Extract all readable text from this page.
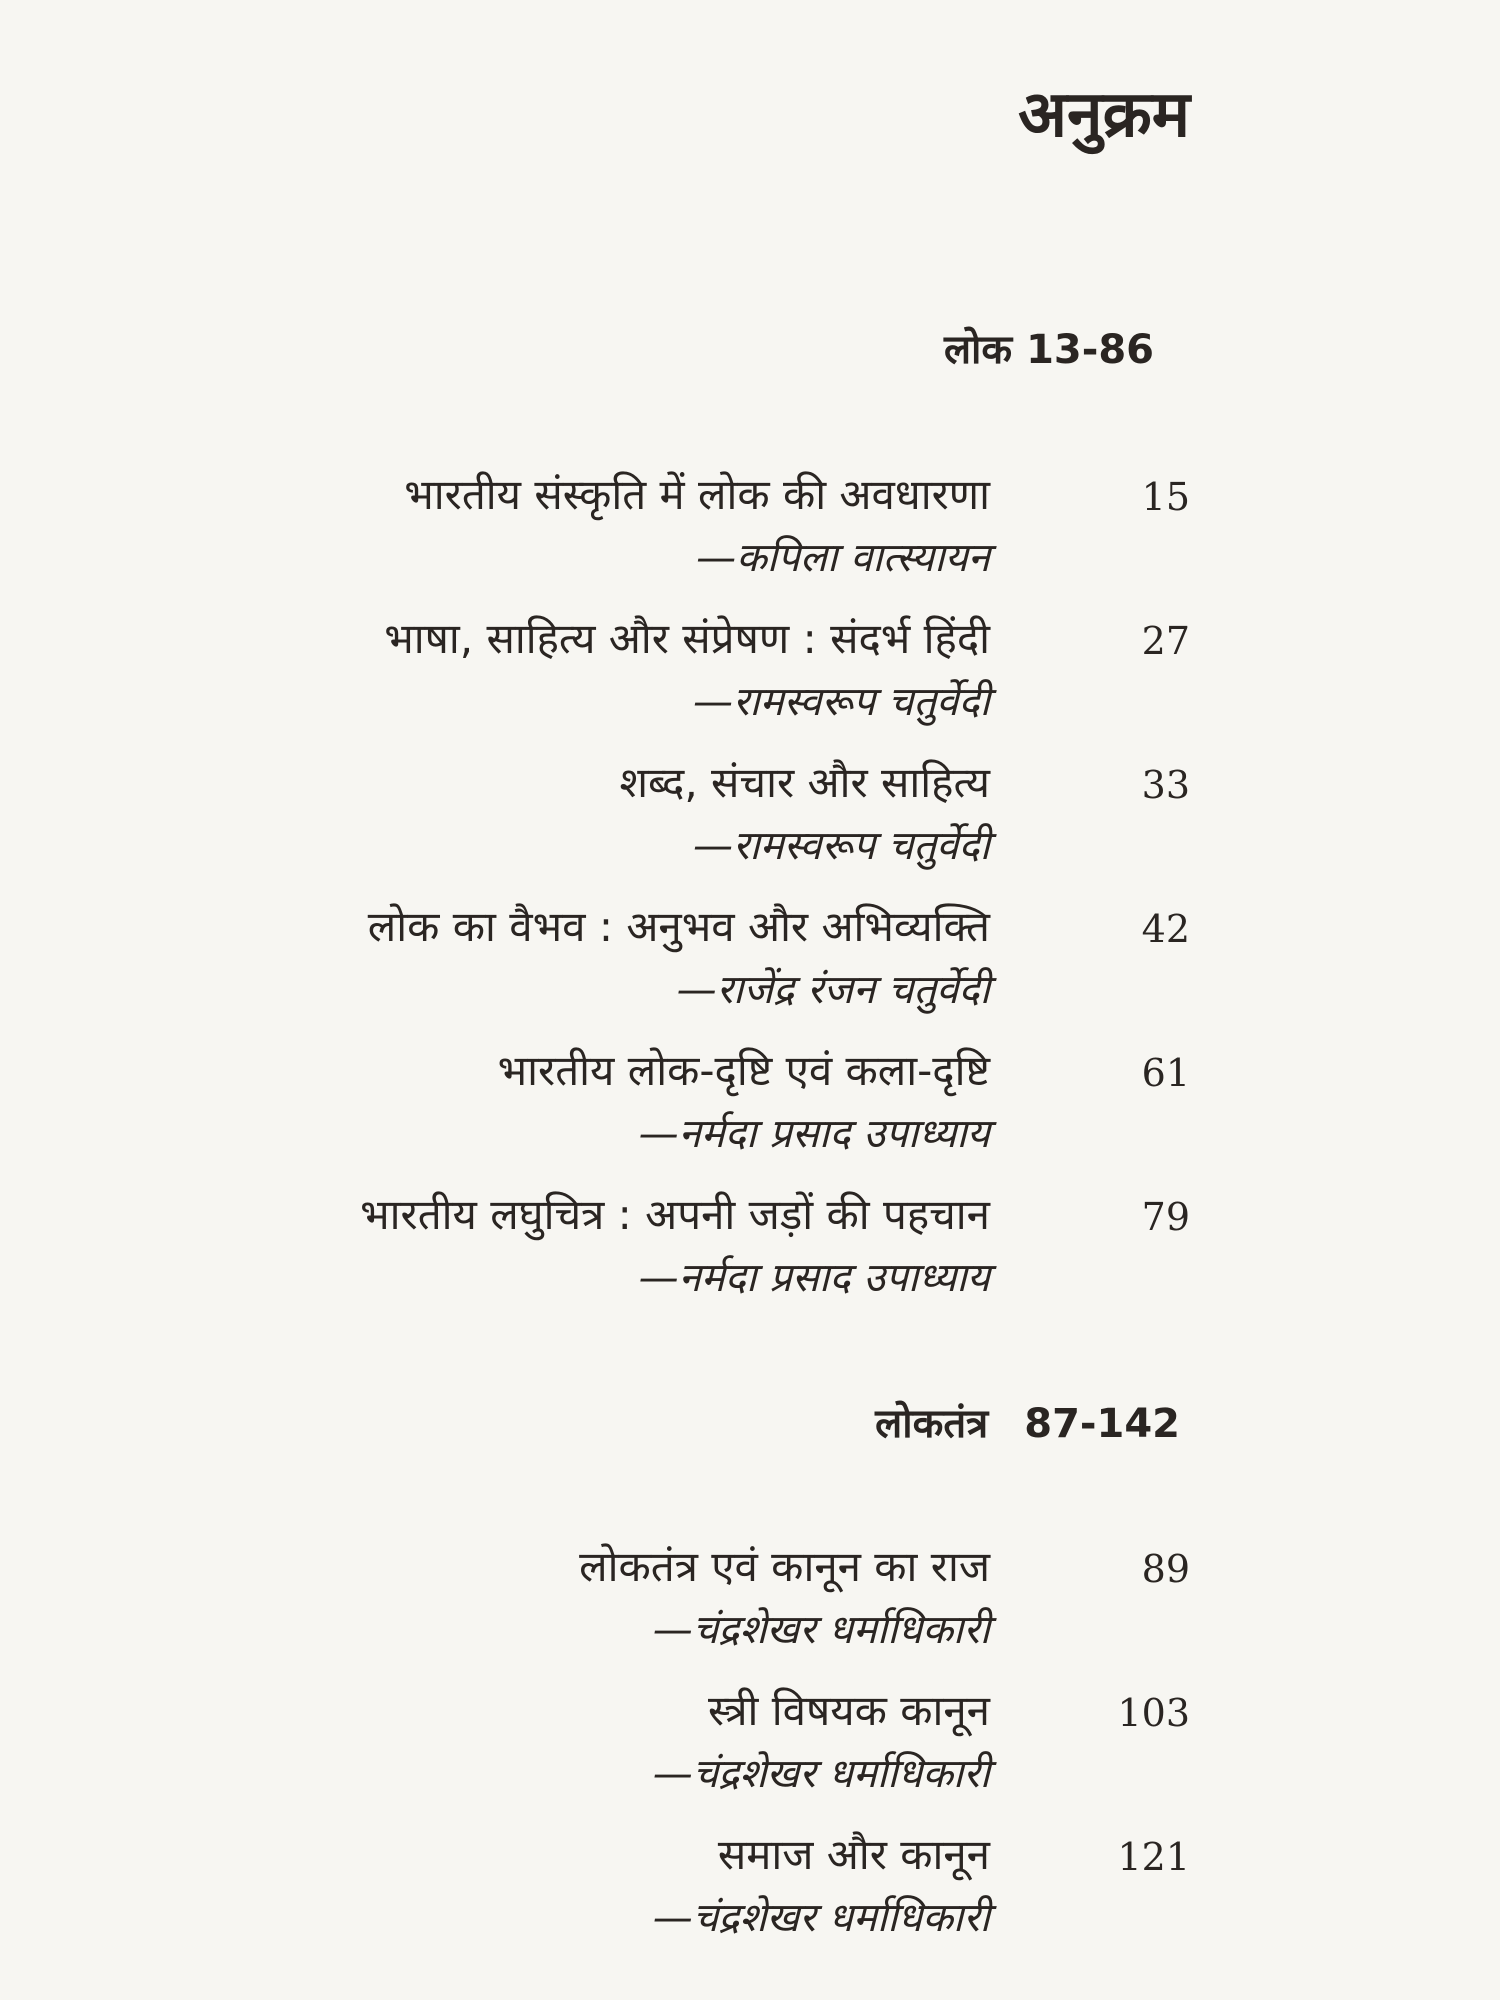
अनुक्रम
लोक 13-86
भारतीय संस्कृति में लोक की अवधारणा	15
—कपिला वात्स्यायन
भाषा, साहित्य और संप्रेषण : संदर्भ हिंदी	27
—रामस्वरूप चतुर्वेदी
शब्द, संचार और साहित्य	33
—रामस्वरूप चतुर्वेदी
लोक का वैभव : अनुभव और अभिव्यक्ति	42
—राजेंद्र रंजन चतुर्वेदी
भारतीय लोक-दृष्टि एवं कला-दृष्टि	61
—नर्मदा प्रसाद उपाध्याय
भारतीय लघुचित्र : अपनी जड़ों की पहचान	79
—नर्मदा प्रसाद उपाध्याय
लोकतंत्र 87-142
लोकतंत्र एवं कानून का राज	89
—चंद्रशेखर धर्माधिकारी
स्त्री विषयक कानून	103
—चंद्रशेखर धर्माधिकारी
समाज और कानून	121
—चंद्रशेखर धर्माधिकारी
